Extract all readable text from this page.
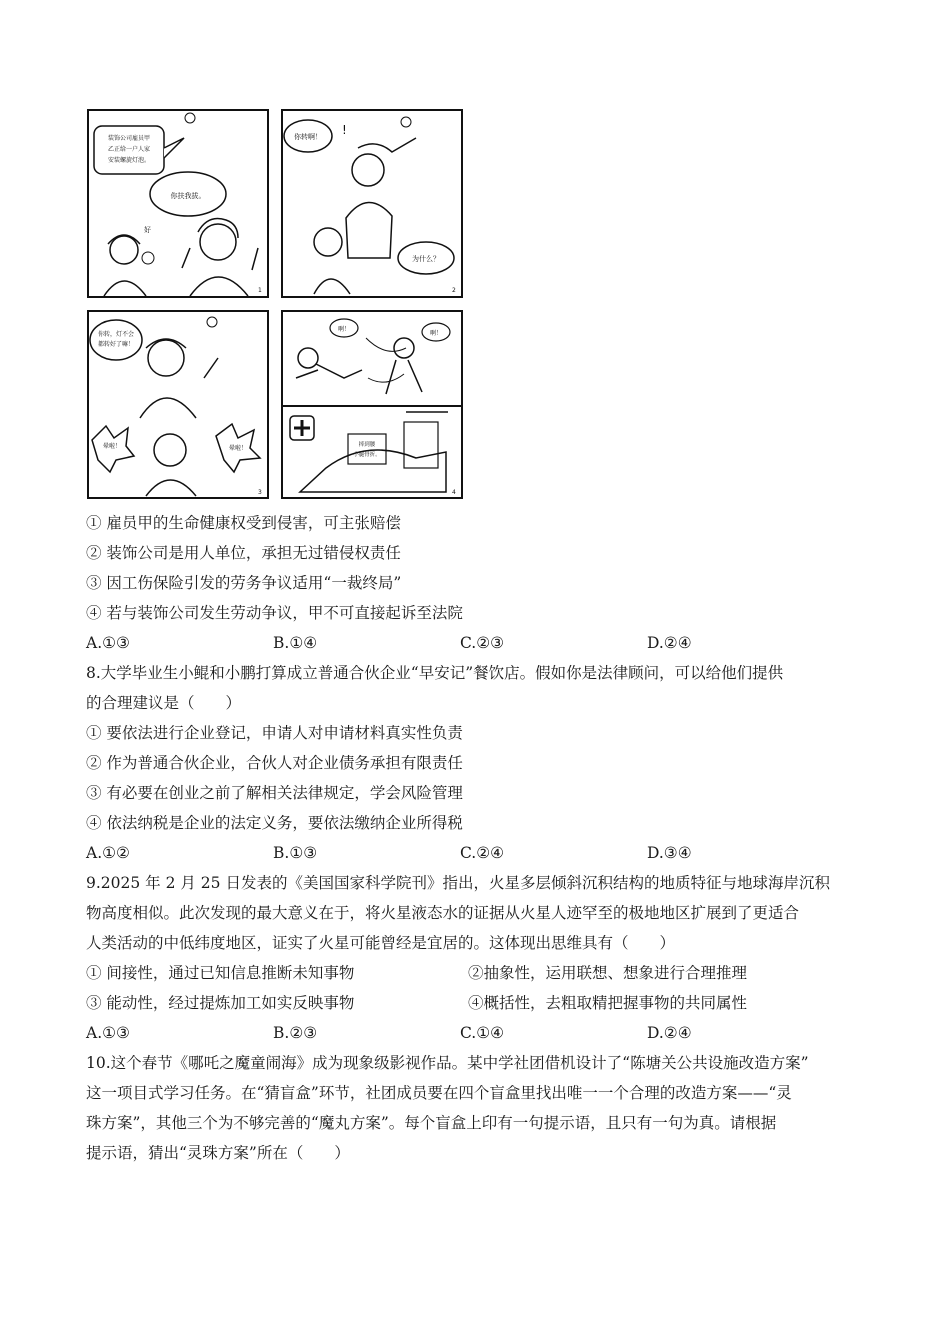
装饰公司雇员甲
乙正给一户人家
安装螺旋灯泡。
你扶我拔。
好
1
你转啊！ !
为什么？
2
你转，灯不会
都转好了嘛！
晕啦！	晕啦！
3
啊！
啊！
摔到腰
小腿骨折。
4
① 雇员甲的生命健康权受到侵害，可主张赔偿
② 装饰公司是用人单位，承担无过错侵权责任
③ 因工伤保险引发的劳务争议适用“一裁终局”
④ 若与装饰公司发生劳动争议，甲不可直接起诉至法院
A.①③	B.①④	C.②③	D.②④
8.大学毕业生小鲲和小鹏打算成立普通合伙企业“早安记”餐饮店。假如你是法律顾问，可以给他们提供
的合理建议是（　　）
① 要依法进行企业登记，申请人对申请材料真实性负责
② 作为普通合伙企业，合伙人对企业债务承担有限责任
③ 有必要在创业之前了解相关法律规定，学会风险管理
④ 依法纳税是企业的法定义务，要依法缴纳企业所得税
A.①②	B.①③	C.②④	D.③④
9.2025 年 2 月 25 日发表的《美国国家科学院刊》指出，火星多层倾斜沉积结构的地质特征与地球海岸沉积
物高度相似。此次发现的最大意义在于，将火星液态水的证据从火星人迹罕至的极地地区扩展到了更适合
人类活动的中低纬度地区，证实了火星可能曾经是宜居的。这体现出思维具有（　　）
① 间接性，通过已知信息推断未知事物	②抽象性，运用联想、想象进行合理推理
③ 能动性，经过提炼加工如实反映事物	④概括性，去粗取精把握事物的共同属性
A.①③	B.②③	C.①④	D.②④
10.这个春节《哪吒之魔童闹海》成为现象级影视作品。某中学社团借机设计了“陈塘关公共设施改造方案”
这一项目式学习任务。在“猜盲盒”环节，社团成员要在四个盲盒里找出唯一一个合理的改造方案——“灵
珠方案”，其他三个为不够完善的“魔丸方案”。每个盲盒上印有一句提示语，且只有一句为真。请根据
提示语，猜出“灵珠方案”所在（　　）
